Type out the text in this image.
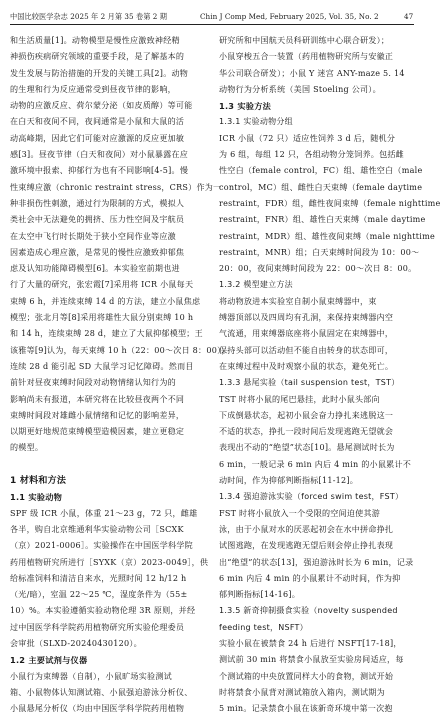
中国比较医学杂志 2025 年 2 月第 35 卷第 2 期	Chin J Comp Med, February 2025, Vol. 35, No. 2	47
和生活质量[1]。动物模型是慢性应激致神经精
神损伤疾病研究领域的重要手段，是了解基本的
发生发展与防治措施的开发的关键工具[2]。动物
的生理和行为反应通常受到昼夜节律的影响，
动物的应激反应、荷尔蒙分泌（如皮质醇）等可能
在白天和夜间不同，夜间通常是小鼠和大鼠的活
动高峰期，因此它们可能对应激源的反应更加敏
感[3]。昼夜节律（白天和夜间）对小鼠暴露在应
激环境中报索、抑郁行为也有不同影响[4-5]。慢
性束缚应激（chronic restraint stress，CRS）作为一
种非损伤性刺激，通过行为限制的方式，模拟人
类社会中无法避免的拥挤、压力性空间及宇航员
在太空中飞行时长期处于狭小空间作业等应激
因素造成心理应激，是常见的慢性应激致抑郁焦
虑及认知功能障碍模型[6]。本实验室前期也进
行了大量的研究，张宏霞[7]采用将 ICR 小鼠每天
束缚 6 h，并连续束缚 14 d 的方法，建立小鼠焦虑
模型；张北月等[8]采用将雄性大鼠分别束缚 10 h
和 14 h，连续束缚 28 d，建立了大鼠抑郁模型；王
该雅等[9]认为，每天束缚 10 h（22：00～次日 8：00），
连续 28 d 能引起 SD 大鼠学习记忆障碍。然而目
前针对昼夜束缚时间段对动物情绪认知行为的
影响尚未有报道，本研究将在比较昼夜两个不同
束缚时间段对雄雌小鼠情绪和记忆的影响差异，
以期更好地规范束缚模型造模因素，建立更稳定
的模型。
1 材料和方法
1.1 实验动物
SPF 级 ICR 小鼠，体重 21～23 g，72 只，雌雄
各半，购自北京维通利华实验动物公司［SCXK
（京）2021-0006］。实验操作在中国医学科学院
药用植物研究所进行［SYXK（京）2023-0049］，供
给标准饲料和清洁自来水，光照时间 12 h/12 h
（光/暗），室温 22～25 ℃，湿度条件为（55±
10）%。本实验遵循实验动物伦理 3R 原则，并经
过中国医学科学院药用植物研究所实验伦理委员
会审批（SLXD-20240430120）。
1.2 主要试剂与仪器
小鼠行为束缚器（自制），小鼠旷场实验测试
箱、小鼠物体认知测试箱、小鼠强迫游泳分析仪、
小鼠悬尾分析仪（均由中国医学科学院药用植物
研究所和中国航天员科研训练中心联合研发）；
小鼠穿梭五合一装置（药用植物研究所与安徽正
华公司联合研发）；小鼠 Y 迷宫 ANY-maze 5. 14
动物行为分析系统（美国 Stoeling 公司）。
1.3 实验方法
1.3.1 实验动物分组
ICR 小鼠（72 只）适应性饲养 3 d 后，随机分
为 6 组，每组 12 只，各组动物分笼饲养。包括雌
性空白（female control，FC）组、雄性空白（male
control，MC）组、雌性白天束缚（female daytime
restraint，FDR）组，雌性夜间束缚（female nighttime
restraint，FNR）组、雄性白天束缚（male daytime
restraint，MDR）组、雄性夜间束缚（male nighttime
restraint，MNR）组；白天束缚时间段为 10：00～
20：00，夜间束缚时间段为 22：00～次日 8：00。
1.3.2 模型建立方法
将动物放进本实验室自制小鼠束缚器中，束
缚器顶部以及四周均有孔洞，来保持束缚器内空
气流通，用束缚器底座将小鼠固定在束缚器中，
保持头部可以活动但不能自由转身的状态即可，
在束缚过程中及时观察小鼠的状态，避免死亡。
1.3.3 悬尾实验（tail suspension test，TST）
TST 时将小鼠的尾巴悬挂，此时小鼠头部向
下成倒悬状态，起初小鼠会奋力挣扎来逃脱这一
不适的状态，挣扎一段时间后发现逃跑无望就会
表现出不动的“绝望”状态[10]。悬尾测试时长为
6 min，一般记录 6 min 内后 4 min 的小鼠累计不
动时间，作为抑郁判断指标[11-12]。
1.3.4 强迫游泳实验（forced swim test，FST）
FST 时将小鼠放入一个受限的空间迫使其游
泳，由于小鼠对水的厌恶起初会在水中拼命挣扎
试图逃跑，在发现逃跑无望后则会停止挣扎表现
出“绝望”的状态[13]，强迫游泳时长为 6 min，记录
6 min 内后 4 min 的小鼠累计不动时间，作为抑
郁判断指标[14-16]。
1.3.5 新奇抑制摄食实验（novelty suspended
feeding test，NSFT）
实验小鼠在被禁食 24 h 后进行 NSFT[17-18]，
测试前 30 min 将禁食小鼠放至实验房间适应，每
个测试箱的中央放置同样大小的食物，测试开始
时将禁食小鼠背对测试箱放入箱内，测试期为
5 min。记录禁食小鼠在该新奇环境中第一次抱
